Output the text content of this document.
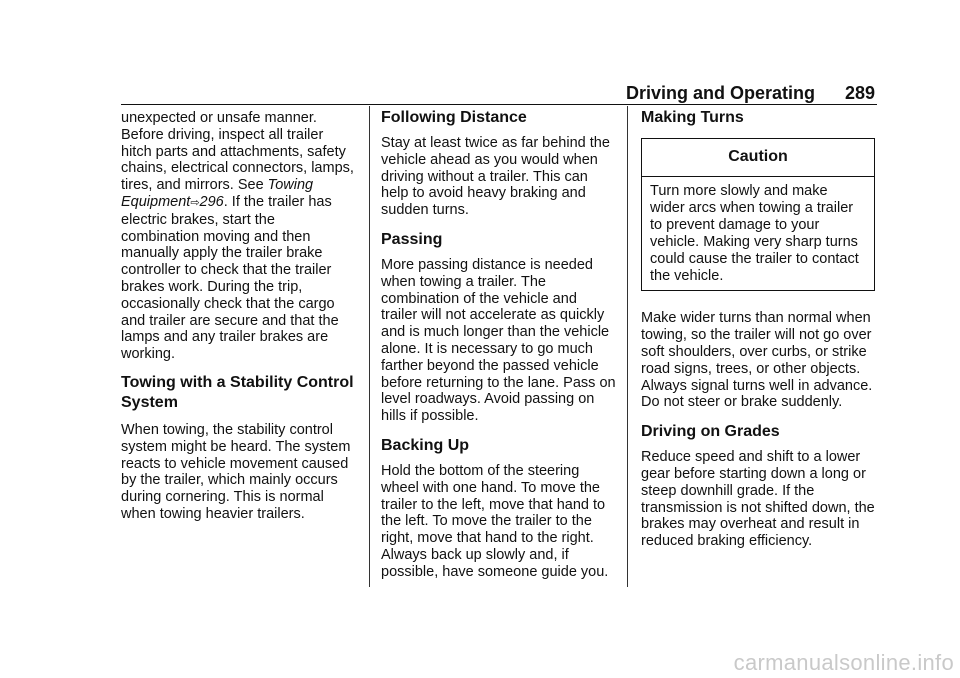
Driving and Operating 289

unexpected or unsafe manner. Before driving, inspect all trailer hitch parts and attachments, safety chains, electrical connectors, lamps, tires, and mirrors. See Towing Equipment⇨296. If the trailer has electric brakes, start the combination moving and then manually apply the trailer brake controller to check that the trailer brakes work. During the trip, occasionally check that the cargo and trailer are secure and that the lamps and any trailer brakes are working.

Towing with a Stability Control System

When towing, the stability control system might be heard. The system reacts to vehicle movement caused by the trailer, which mainly occurs during cornering. This is normal when towing heavier trailers.

Following Distance

Stay at least twice as far behind the vehicle ahead as you would when driving without a trailer. This can help to avoid heavy braking and sudden turns.

Passing

More passing distance is needed when towing a trailer. The combination of the vehicle and trailer will not accelerate as quickly and is much longer than the vehicle alone. It is necessary to go much farther beyond the passed vehicle before returning to the lane. Pass on level roadways. Avoid passing on hills if possible.

Backing Up

Hold the bottom of the steering wheel with one hand. To move the trailer to the left, move that hand to the left. To move the trailer to the right, move that hand to the right. Always back up slowly and, if possible, have someone guide you.

Making Turns
Caution

Turn more slowly and make wider arcs when towing a trailer to prevent damage to your vehicle. Making very sharp turns could cause the trailer to contact the vehicle.

Make wider turns than normal when towing, so the trailer will not go over soft shoulders, over curbs, or strike road signs, trees, or other objects. Always signal turns well in advance. Do not steer or brake suddenly.

Driving on Grades

Reduce speed and shift to a lower gear before starting down a long or steep downhill grade. If the transmission is not shifted down, the brakes may overheat and result in reduced braking efficiency.

carmanualsonline.info
